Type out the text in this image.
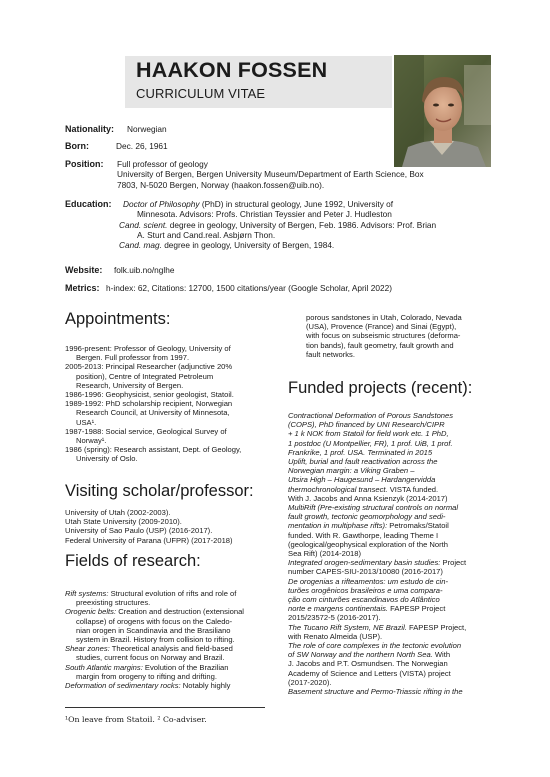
HAAKON FOSSEN
CURRICULUM VITAE
Nationality: Norwegian
Born:	Dec. 26, 1961
Position: Full professor of geology
University of Bergen, Bergen University Museum/Department of Earth Science, Box
7803, N-5020 Bergen, Norway (haakon.fossen@uib.no).
Education: Doctor of Philosophy (PhD) in structural geology, June 1992, University of
Minnesota. Advisors: Profs. Christian Teyssier and Peter J. Hudleston
Cand. scient. degree in geology, University of Bergen, Feb. 1986. Advisors: Prof. Brian
A. Sturt and Cand.real. Asbjørn Thon.
Cand. mag. degree in geology, University of Bergen, 1984.
Website: folk.uib.no/nglhe
Metrics: h-index: 62, Citations: 12700, 1500 citations/year (Google Scholar, April 2022)
Appointments:
1996-present: Professor of Geology, University of
Bergen. Full professor from 1997.
2005-2013: Principal Researcher (adjunctive 20%
position), Centre of Integrated Petroleum
Research, University of Bergen.
1986-1996: Geophysicist, senior geologist, Statoil.
1989-1992: PhD scholarship recipient, Norwegian
Research Council, at University of Minnesota,
USA¹.
1987-1988: Social service, Geological Survey of
Norway¹.
1986 (spring): Research assistant, Dept. of Geology,
University of Oslo.
Visiting scholar/professor:
University of Utah (2002-2003).
Utah State University (2009-2010).
University of Sao Paulo (USP) (2016-2017).
Federal University of Parana (UFPR) (2017-2018)
Fields of research:
Rift systems: Structural evolution of rifts and role of
preexisting structures.
Orogenic belts: Creation and destruction (extensional
collapse) of orogens with focus on the Caledo-
nian orogen in Scandinavia and the Brasiliano
system in Brazil. History from collision to rifting.
Shear zones: Theoretical analysis and field-based
studies, current focus on Norway and Brazil.
South Atlantic margins: Evolution of the Brazilian
margin from orogeny to rifting and drifting.
Deformation of sedimentary rocks: Notably highly
¹On leave from Statoil. ² Co-adviser.
porous sandstones in Utah, Colorado, Nevada
(USA), Provence (France) and Sinai (Egypt),
with focus on subseismic structures (deforma-
tion bands), fault geometry, fault growth and
fault networks.
Funded projects (recent):
Contractional Deformation of Porous Sandstones
(COPS), PhD financed by UNI Research/CIPR
+ 1 k NOK from Statoil for field work etc. 1 PhD,
1 postdoc (U Montpellier, FR), 1 prof. UiB, 1 prof.
Frankrike, 1 prof. USA. Terminated in 2015
Uplift, burial and fault reactivation across the
Norwegian margin: a Viking Graben –
Utsira High – Haugesund – Hardangervidda
thermochronological transect. VISTA funded.
With J. Jacobs and Anna Ksienzyk (2014-2017)
MultiRift (Pre-existing structural controls on normal
fault growth, tectonic geomorphology and sedi-
mentation in multiphase rifts): Petromaks/Statoil
funded. With R. Gawthorpe, leading Theme I
(geological/geophysical exploration of the North
Sea Rift) (2014-2018)
Integrated orogen-sedimentary basin studies: Project
number CAPES-SIU-2013/10080 (2016-2017)
De orogenias a rifteamentos: um estudo de cin-
turões orogênicos brasileiros e uma compara-
ção com cinturões escandinavos do Atlântico
norte e margens continentais. FAPESP Project
2015/23572-5 (2016-2017).
The Tucano Rift System, NE Brazil. FAPESP Project,
with Renato Almeida (USP).
The role of core complexes in the tectonic evolution
of SW Norway and the northern North Sea. With
J. Jacobs and P.T. Osmundsen. The Norwegian
Academy of Science and Letters (VISTA) project
(2017-2020).
Basement structure and Permo-Triassic rifting in the
